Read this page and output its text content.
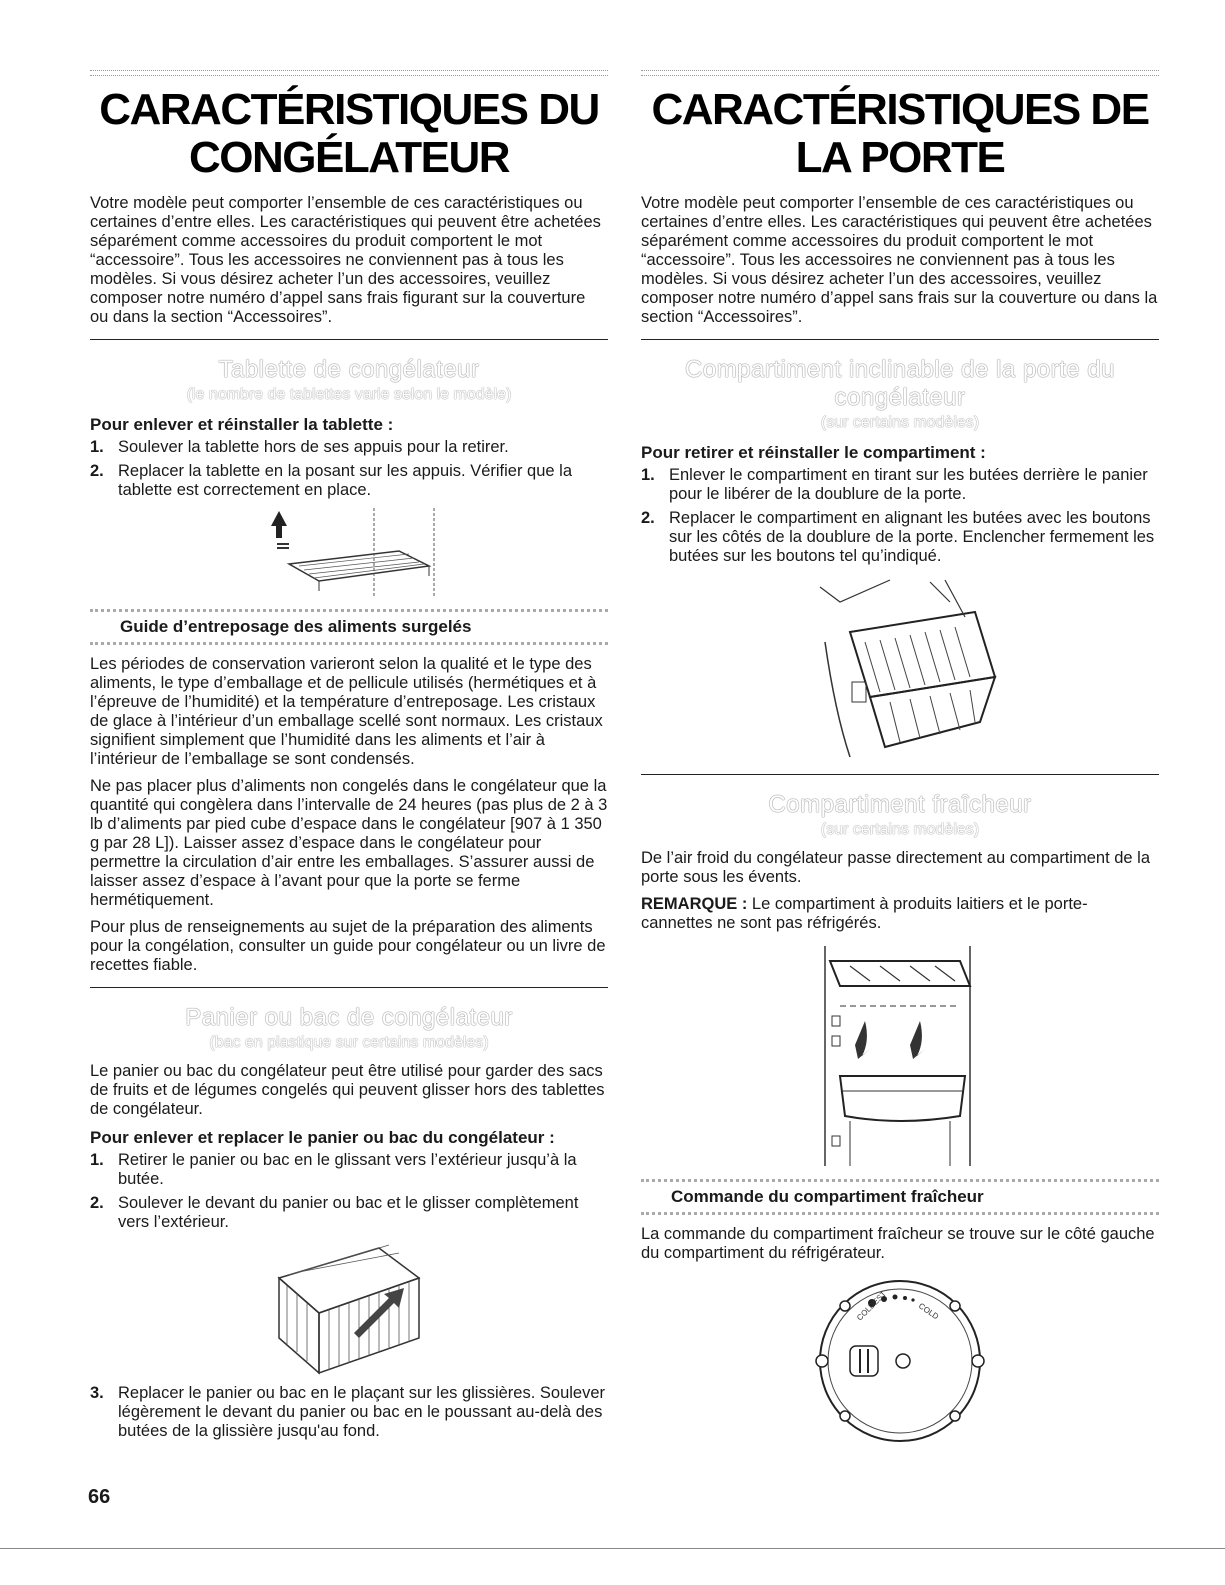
CARACTÉRISTIQUES DU
CONGÉLATEUR

Votre modèle peut comporter l’ensemble de ces caractéristiques ou certaines d’entre elles. Les caractéristiques qui peuvent être achetées séparément comme accessoires du produit comportent le mot “accessoire”. Tous les accessoires ne conviennent pas à tous les modèles. Si vous désirez acheter l’un des accessoires, veuillez composer notre numéro d’appel sans frais figurant sur la couverture ou dans la section “Accessoires”.

Tablette de congélateur
(le nombre de tablettes varie selon le modèle)
Pour enlever et réinstaller la tablette :
1. Soulever la tablette hors de ses appuis pour la retirer.
2. Replacer la tablette en la posant sur les appuis. Vérifier que la tablette est correctement en place.
Guide d’entreposage des aliments surgelés

Les périodes de conservation varieront selon la qualité et le type des aliments, le type d’emballage et de pellicule utilisés (hermétiques et à l’épreuve de l’humidité) et la température d’entreposage. Les cristaux de glace à l’intérieur d’un emballage scellé sont normaux. Les cristaux signifient simplement que l’humidité dans les aliments et l’air à l’intérieur de l’emballage se sont condensés.

Ne pas placer plus d’aliments non congelés dans le congélateur que la quantité qui congèlera dans l’intervalle de 24 heures (pas plus de 2 à 3 lb d’aliments par pied cube d’espace dans le congélateur [907 à 1 350 g par 28 L]). Laisser assez d’espace dans le congélateur pour permettre la circulation d’air entre les emballages. S’assurer aussi de laisser assez d’espace à l’avant pour que la porte se ferme hermétiquement.

Pour plus de renseignements au sujet de la préparation des aliments pour la congélation, consulter un guide pour congélateur ou un livre de recettes fiable.

Panier ou bac de congélateur
(bac en plastique sur certains modèles)

Le panier ou bac du congélateur peut être utilisé pour garder des sacs de fruits et de légumes congelés qui peuvent glisser hors des tablettes de congélateur.

Pour enlever et replacer le panier ou bac du congélateur :
1. Retirer le panier ou bac en le glissant vers l’extérieur jusqu’à la butée.
2. Soulever le devant du panier ou bac et le glisser complètement vers l’extérieur.
3. Replacer le panier ou bac en le plaçant sur les glissières. Soulever légèrement le devant du panier ou bac en le poussant au-delà des butées de la glissière jusqu'au fond.
CARACTÉRISTIQUES DE
LA PORTE

Votre modèle peut comporter l’ensemble de ces caractéristiques ou certaines d’entre elles. Les caractéristiques qui peuvent être achetées séparément comme accessoires du produit comportent le mot “accessoire”. Tous les accessoires ne conviennent pas à tous les modèles. Si vous désirez acheter l’un des accessoires, veuillez composer notre numéro d’appel sans frais sur la couverture ou dans la section “Accessoires”.

Compartiment inclinable de la porte du
congélateur
(sur certains modèles)
Pour retirer et réinstaller le compartiment :
1. Enlever le compartiment en tirant sur les butées derrière le panier pour le libérer de la doublure de la porte.
2. Replacer le compartiment en alignant les butées avec les boutons sur les côtés de la doublure de la porte. Enclencher fermement les butées sur les boutons tel qu’indiqué.
Compartiment fraîcheur
(sur certains modèles)

De l’air froid du congélateur passe directement au compartiment de la porte sous les évents.

REMARQUE : Le compartiment à produits laitiers et le porte-cannettes ne sont pas réfrigérés.

Commande du compartiment fraîcheur

La commande du compartiment fraîcheur se trouve sur le côté gauche du compartiment du réfrigérateur.

COLDEST	COLD
66
